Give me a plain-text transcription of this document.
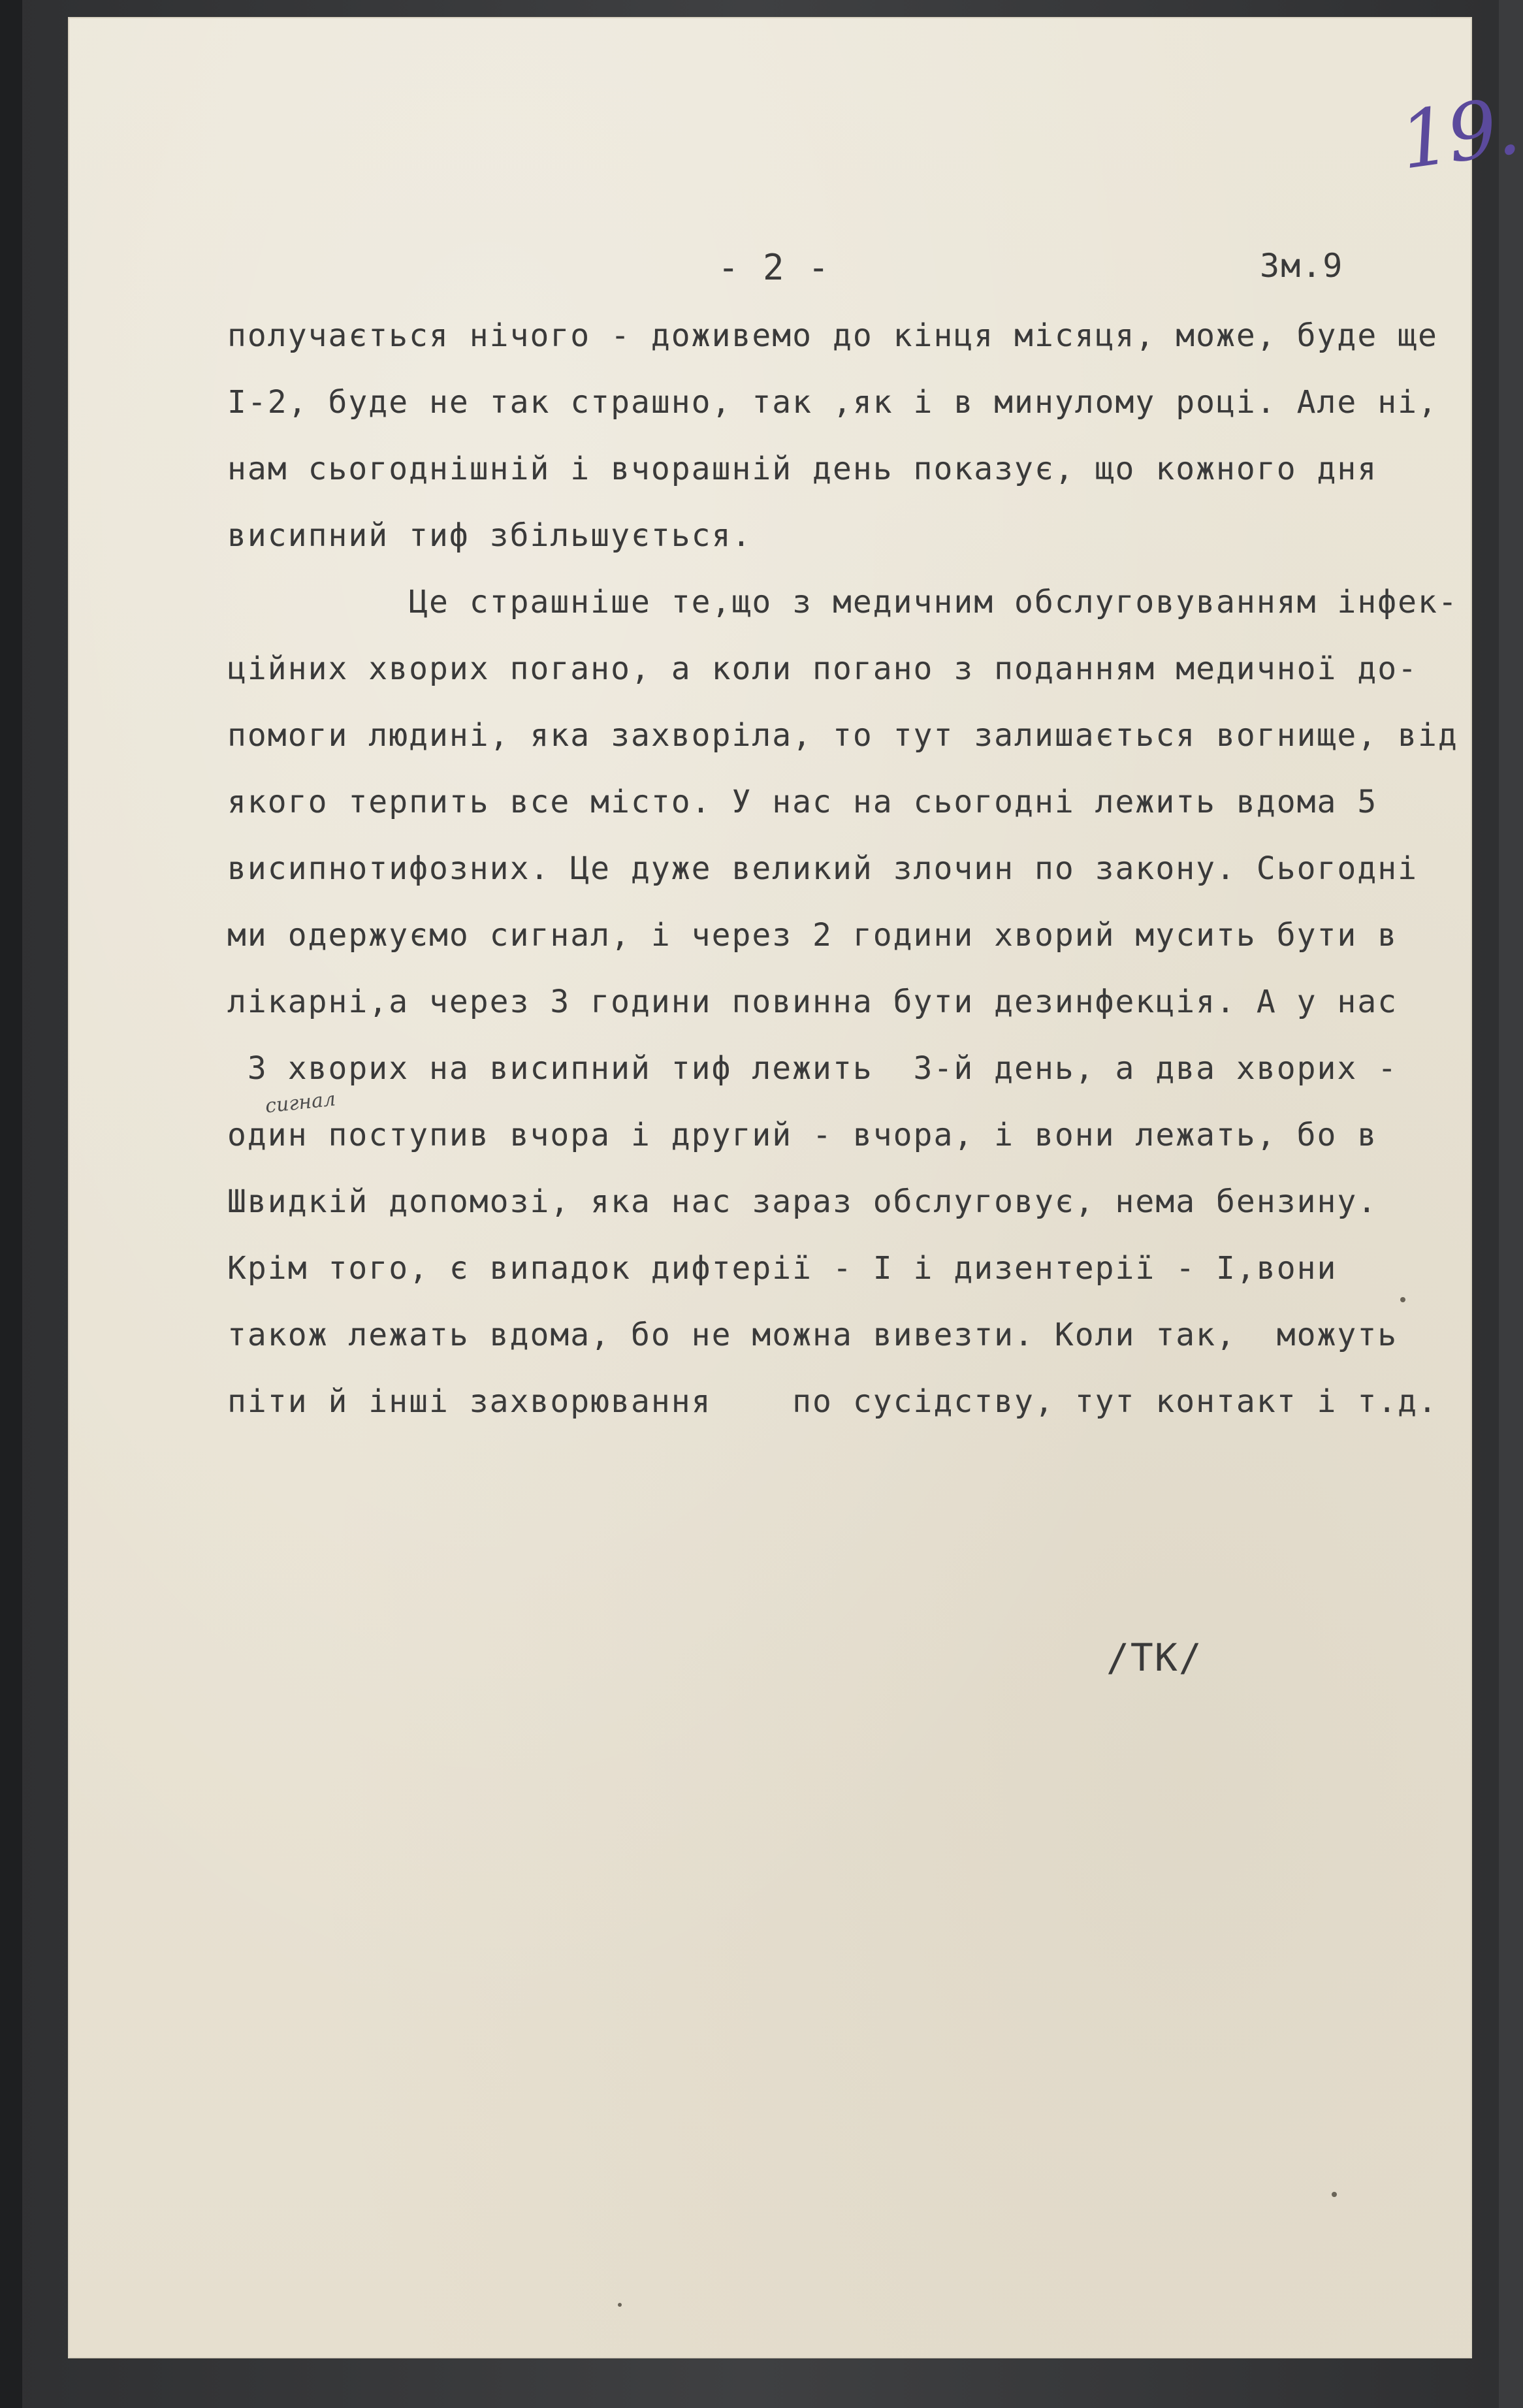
19.
- 2 -	Зм.9
получається нічого - доживемо до кінця місяця, може, буде ще
I-2, буде не так страшно, так ,як і в минулому році. Але ні,
нам сьогоднішній і вчорашній день показує, що кожного дня
висипний тиф збільшується.
Це страшніше те,що з медичним обслуговуванням інфек-
ційних хворих погано, а коли погано з поданням медичної до-
помоги людині, яка захворіла, то тут залишається вогнище, від
якого терпить все місто. У нас на сьогодні лежить вдома 5
висипнотифозних. Це дуже великий злочин по закону. Сьогодні
ми одержуємо сигнал, і через 2 години хворий мусить бути в
лікарні,а через 3 години повинна бути дезинфекція. А у нас
3 хворих на висипний тиф лежить  3-й день, а два хворих -
один поступив вчора і другий - вчора, і вони лежать, бо в
Швидкій допомозі, яка нас зараз обслуговує, нема бензину.
Крім того, є випадок дифтерії - I і дизентерії - I,вони
також лежать вдома, бо не можна вивезти. Коли так,  можуть
піти й інші захворювання    по сусідству, тут контакт і т.д.
сигнал
/ТК/
